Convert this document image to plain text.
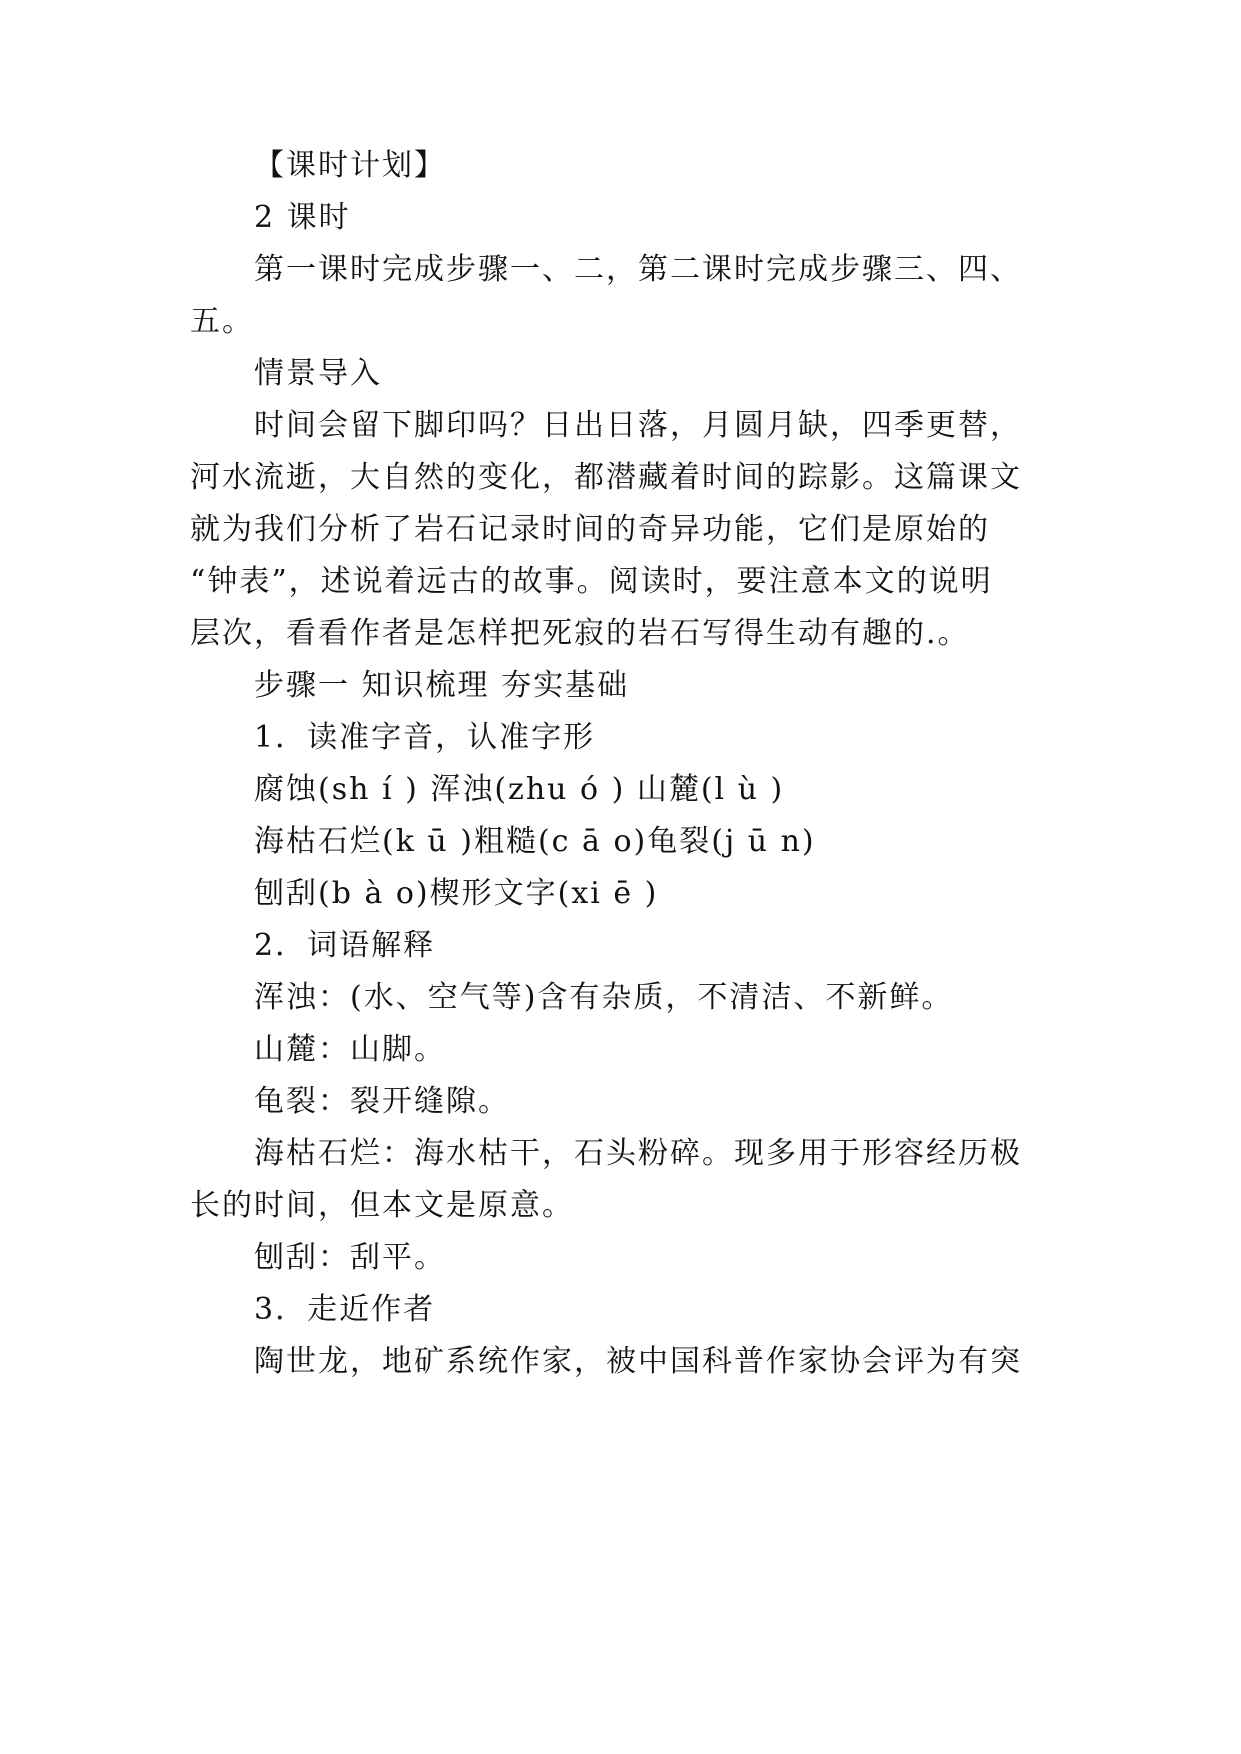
【课时计划】
2 课时
第一课时完成步骤一、二，第二课时完成步骤三、四、
五。
情景导入
时间会留下脚印吗？日出日落，月圆月缺，四季更替，
河水流逝，大自然的变化，都潜藏着时间的踪影。这篇课文
就为我们分析了岩石记录时间的奇异功能，它们是原始的
“钟表”，述说着远古的故事。阅读时，要注意本文的说明
层次，看看作者是怎样把死寂的岩石写得生动有趣的.。
步骤一 知识梳理 夯实基础
1．读准字音，认准字形
腐蚀(sh í ) 浑浊(zhu ó ) 山麓(l ù )
海枯石烂(k ū )粗糙(c ā o)龟裂(j ū n)
刨刮(b à o)楔形文字(xi ē )
2．词语解释
浑浊：(水、空气等)含有杂质，不清洁、不新鲜。
山麓：山脚。
龟裂：裂开缝隙。
海枯石烂：海水枯干，石头粉碎。现多用于形容经历极
长的时间，但本文是原意。
刨刮：刮平。
3．走近作者
陶世龙，地矿系统作家，被中国科普作家协会评为有突
